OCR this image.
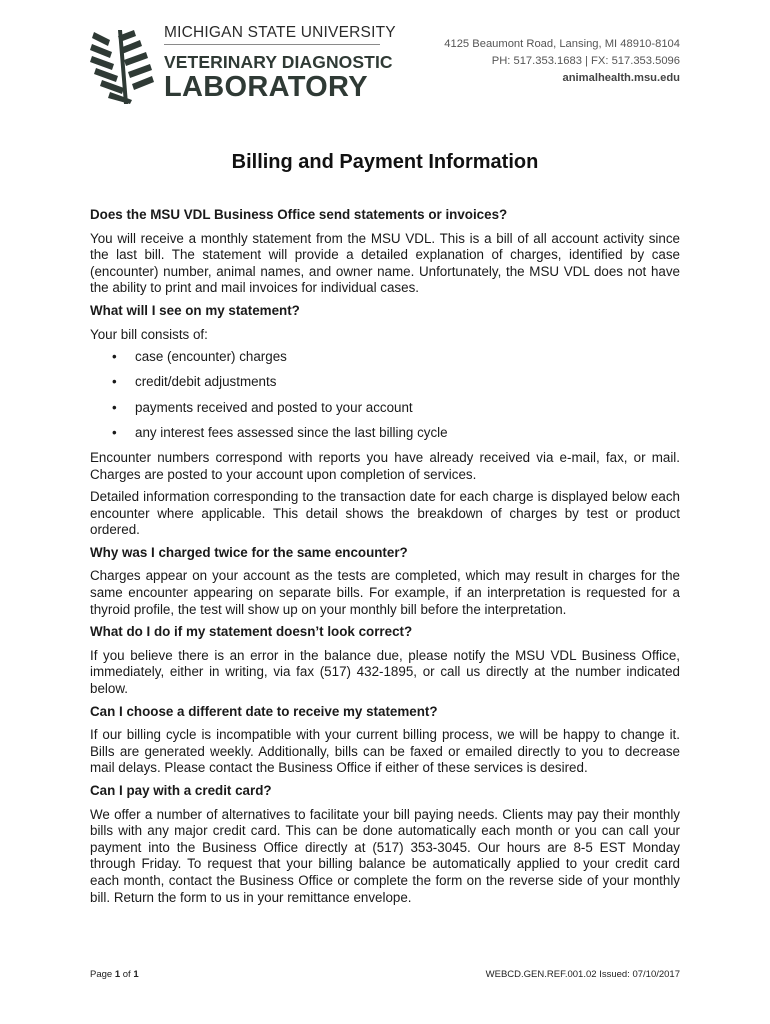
MICHIGAN STATE UNIVERSITY
VETERINARY DIAGNOSTIC
LABORATORY
4125 Beaumont Road, Lansing, MI 48910-8104
PH: 517.353.1683 | FX: 517.353.5096
animalhealth.msu.edu
Billing and Payment Information
Does the MSU VDL Business Office send statements or invoices?
You will receive a monthly statement from the MSU VDL. This is a bill of all account activity since the last bill. The statement will provide a detailed explanation of charges, identified by case (encounter) number, animal names, and owner name. Unfortunately, the MSU VDL does not have the ability to print and mail invoices for individual cases.
What will I see on my statement?
Your bill consists of:
• case (encounter) charges
• credit/debit adjustments
• payments received and posted to your account
• any interest fees assessed since the last billing cycle
Encounter numbers correspond with reports you have already received via e-mail, fax, or mail. Charges are posted to your account upon completion of services.
Detailed information corresponding to the transaction date for each charge is displayed below each encounter where applicable. This detail shows the breakdown of charges by test or product ordered.
Why was I charged twice for the same encounter?
Charges appear on your account as the tests are completed, which may result in charges for the same encounter appearing on separate bills. For example, if an interpretation is requested for a thyroid profile, the test will show up on your monthly bill before the interpretation.
What do I do if my statement doesn’t look correct?
If you believe there is an error in the balance due, please notify the MSU VDL Business Office, immediately, either in writing, via fax (517) 432-1895, or call us directly at the number indicated below.
Can I choose a different date to receive my statement?
If our billing cycle is incompatible with your current billing process, we will be happy to change it. Bills are generated weekly. Additionally, bills can be faxed or emailed directly to you to decrease mail delays. Please contact the Business Office if either of these services is desired.
Can I pay with a credit card?
We offer a number of alternatives to facilitate your bill paying needs. Clients may pay their monthly bills with any major credit card. This can be done automatically each month or you can call your payment into the Business Office directly at (517) 353-3045. Our hours are 8-5 EST Monday through Friday. To request that your billing balance be automatically applied to your credit card each month, contact the Business Office or complete the form on the reverse side of your monthly bill. Return the form to us in your remittance envelope.
Page 1 of 1	WEBCD.GEN.REF.001.02 Issued: 07/10/2017
